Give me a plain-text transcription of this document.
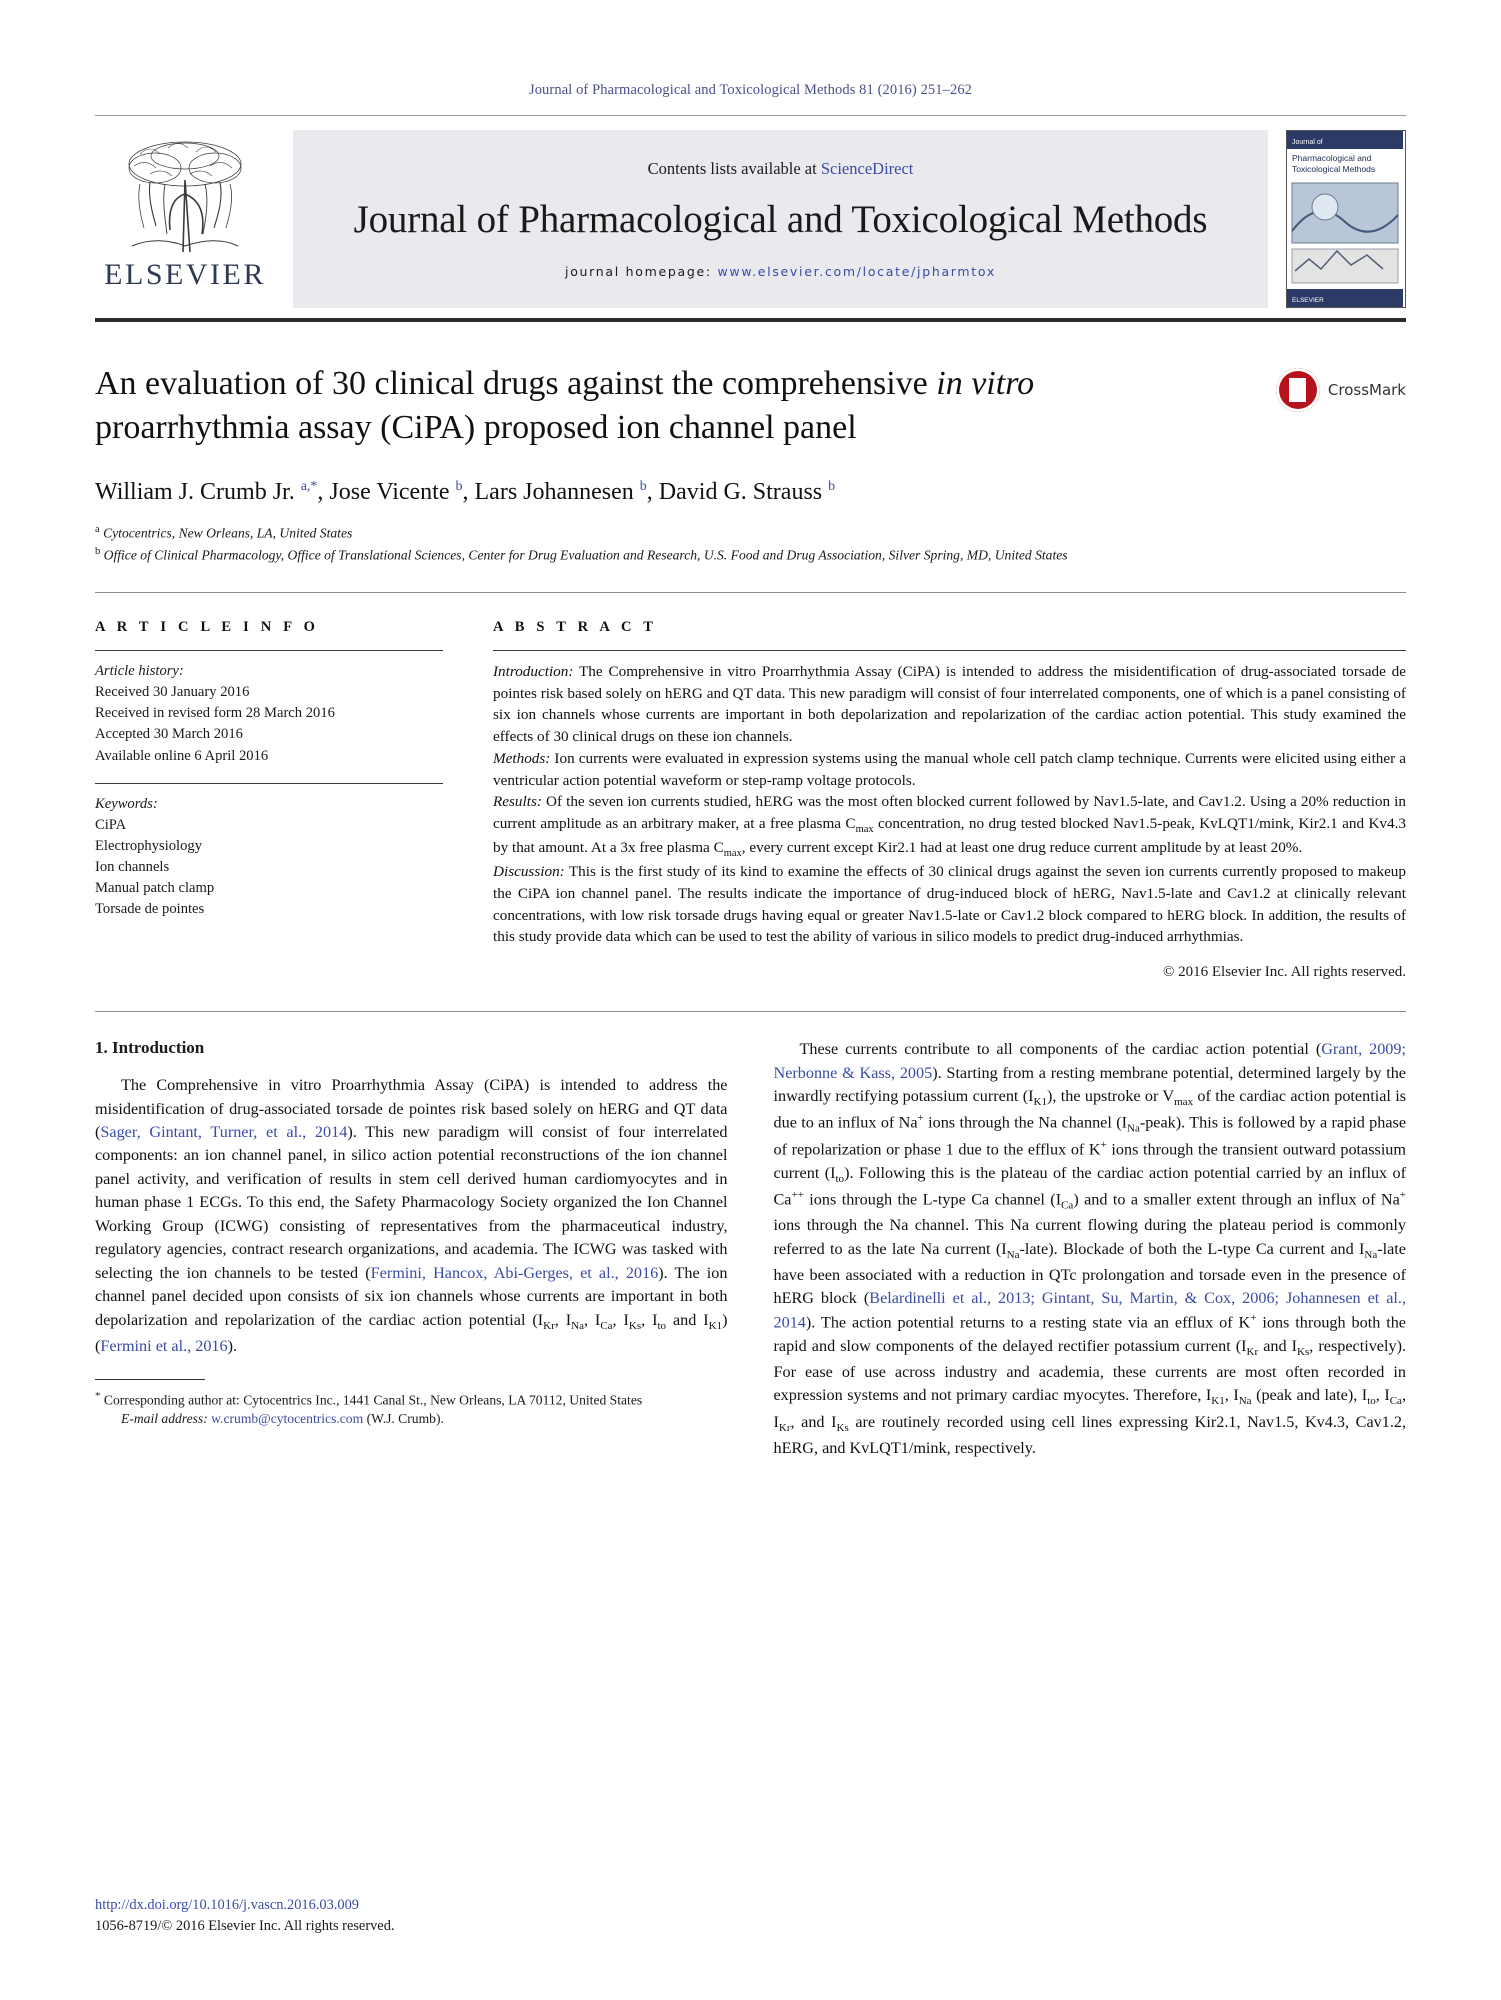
Journal of Pharmacological and Toxicological Methods 81 (2016) 251–262
ELSEVIER
Contents lists available at ScienceDirect
Journal of Pharmacological and Toxicological Methods
journal homepage: www.elsevier.com/locate/jpharmtox
Journal of
Pharmacological and
Toxicological Methods
ELSEVIER
CrossMark
An evaluation of 30 clinical drugs against the comprehensive in vitro proarrhythmia assay (CiPA) proposed ion channel panel
William J. Crumb Jr. $^{a,*}$, Jose Vicente $^b$, Lars Johannesen $^b$, David G. Strauss $^b$
$^a$ Cytocentrics, New Orleans, LA, United States
$^b$ Office of Clinical Pharmacology, Office of Translational Sciences, Center for Drug Evaluation and Research, U.S. Food and Drug Association, Silver Spring, MD, United States
A R T I C L E I N F O
Article history:
Received 30 January 2016
Received in revised form 28 March 2016
Accepted 30 March 2016
Available online 6 April 2016
Keywords:
CiPA
Electrophysiology
Ion channels
Manual patch clamp
Torsade de pointes
A B S T R A C T

Introduction: The Comprehensive in vitro Proarrhythmia Assay (CiPA) is intended to address the misidentification of drug-associated torsade de pointes risk based solely on hERG and QT data. This new paradigm will consist of four interrelated components, one of which is a panel consisting of six ion channels whose currents are important in both depolarization and repolarization of the cardiac action potential. This study examined the effects of 30 clinical drugs on these ion channels.

Methods: Ion currents were evaluated in expression systems using the manual whole cell patch clamp technique. Currents were elicited using either a ventricular action potential waveform or step-ramp voltage protocols.

Results: Of the seven ion currents studied, hERG was the most often blocked current followed by Nav1.5-late, and Cav1.2. Using a 20% reduction in current amplitude as an arbitrary maker, at a free plasma $C_{max}$ concentration, no drug tested blocked Nav1.5-peak, KvLQT1/mink, Kir2.1 and Kv4.3 by that amount. At a 3x free plasma $C_{max}$, every current except Kir2.1 had at least one drug reduce current amplitude by at least 20%.

Discussion: This is the first study of its kind to examine the effects of 30 clinical drugs against the seven ion currents currently proposed to makeup the CiPA ion channel panel. The results indicate the importance of drug-induced block of hERG, Nav1.5-late and Cav1.2 at clinically relevant concentrations, with low risk torsade drugs having equal or greater Nav1.5-late or Cav1.2 block compared to hERG block. In addition, the results of this study provide data which can be used to test the ability of various in silico models to predict drug-induced arrhythmias.

© 2016 Elsevier Inc. All rights reserved.
1. Introduction

The Comprehensive in vitro Proarrhythmia Assay (CiPA) is intended to address the misidentification of drug-associated torsade de pointes risk based solely on hERG and QT data (Sager, Gintant, Turner, et al., 2014). This new paradigm will consist of four interrelated components: an ion channel panel, in silico action potential reconstructions of the ion channel panel activity, and verification of results in stem cell derived human cardiomyocytes and in human phase 1 ECGs. To this end, the Safety Pharmacology Society organized the Ion Channel Working Group (ICWG) consisting of representatives from the pharmaceutical industry, regulatory agencies, contract research organizations, and academia. The ICWG was tasked with selecting the ion channels to be tested (Fermini, Hancox, Abi-Gerges, et al., 2016). The ion channel panel decided upon consists of six ion channels whose currents are important in both depolarization and repolarization of the cardiac action potential ($I_{Kr}$, $I_{Na}$, $I_{Ca}$, $I_{Ks}$, $I_{to}$ and $I_{K1}$) (Fermini et al., 2016).

* Corresponding author at: Cytocentrics Inc., 1441 Canal St., New Orleans, LA 70112, United States
E-mail address: w.crumb@cytocentrics.com (W.J. Crumb).

These currents contribute to all components of the cardiac action potential (Grant, 2009; Nerbonne & Kass, 2005). Starting from a resting membrane potential, determined largely by the inwardly rectifying potassium current $(I_{K1})$, the upstroke or $V_{max}$ of the cardiac action potential is due to an influx of Na+ ions through the Na channel $(I_{Na}-peak)$. This is followed by a rapid phase of repolarization or phase 1 due to the efflux of K+ ions through the transient outward potassium current $(I_{to})$. Following this is the plateau of the cardiac action potential carried by an influx of Ca++ ions through the L-type Ca channel $(I_{Ca})$ and to a smaller extent through an influx of Na+ ions through the Na channel. This Na current flowing during the plateau period is commonly referred to as the late Na current $(I_{Na}-late)$. Blockade of both the L-type Ca current and $I_{Na}$-late have been associated with a reduction in QTc prolongation and torsade even in the presence of hERG block (Belardinelli et al., 2013; Gintant, Su, Martin, & Cox, 2006; Johannesen et al., 2014). The action potential returns to a resting state via an efflux of K+ ions through both the rapid and slow components of the delayed rectifier potassium current ($I_{Kr}$ and $I_{Ks}$, respectively). For ease of use across industry and academia, these currents are most often recorded in expression systems and not primary cardiac myocytes. Therefore, $I_{K1}$, $I_{Na}$ (peak and late), $I_{to}$, $I_{Ca}$, $I_{Kr}$, and $I_{Ks}$ are routinely recorded using cell lines expressing Kir2.1, Nav1.5, Kv4.3, Cav1.2, hERG, and KvLQT1/mink, respectively.

http://dx.doi.org/10.1016/j.vascn.2016.03.009
1056-8719/© 2016 Elsevier Inc. All rights reserved.
